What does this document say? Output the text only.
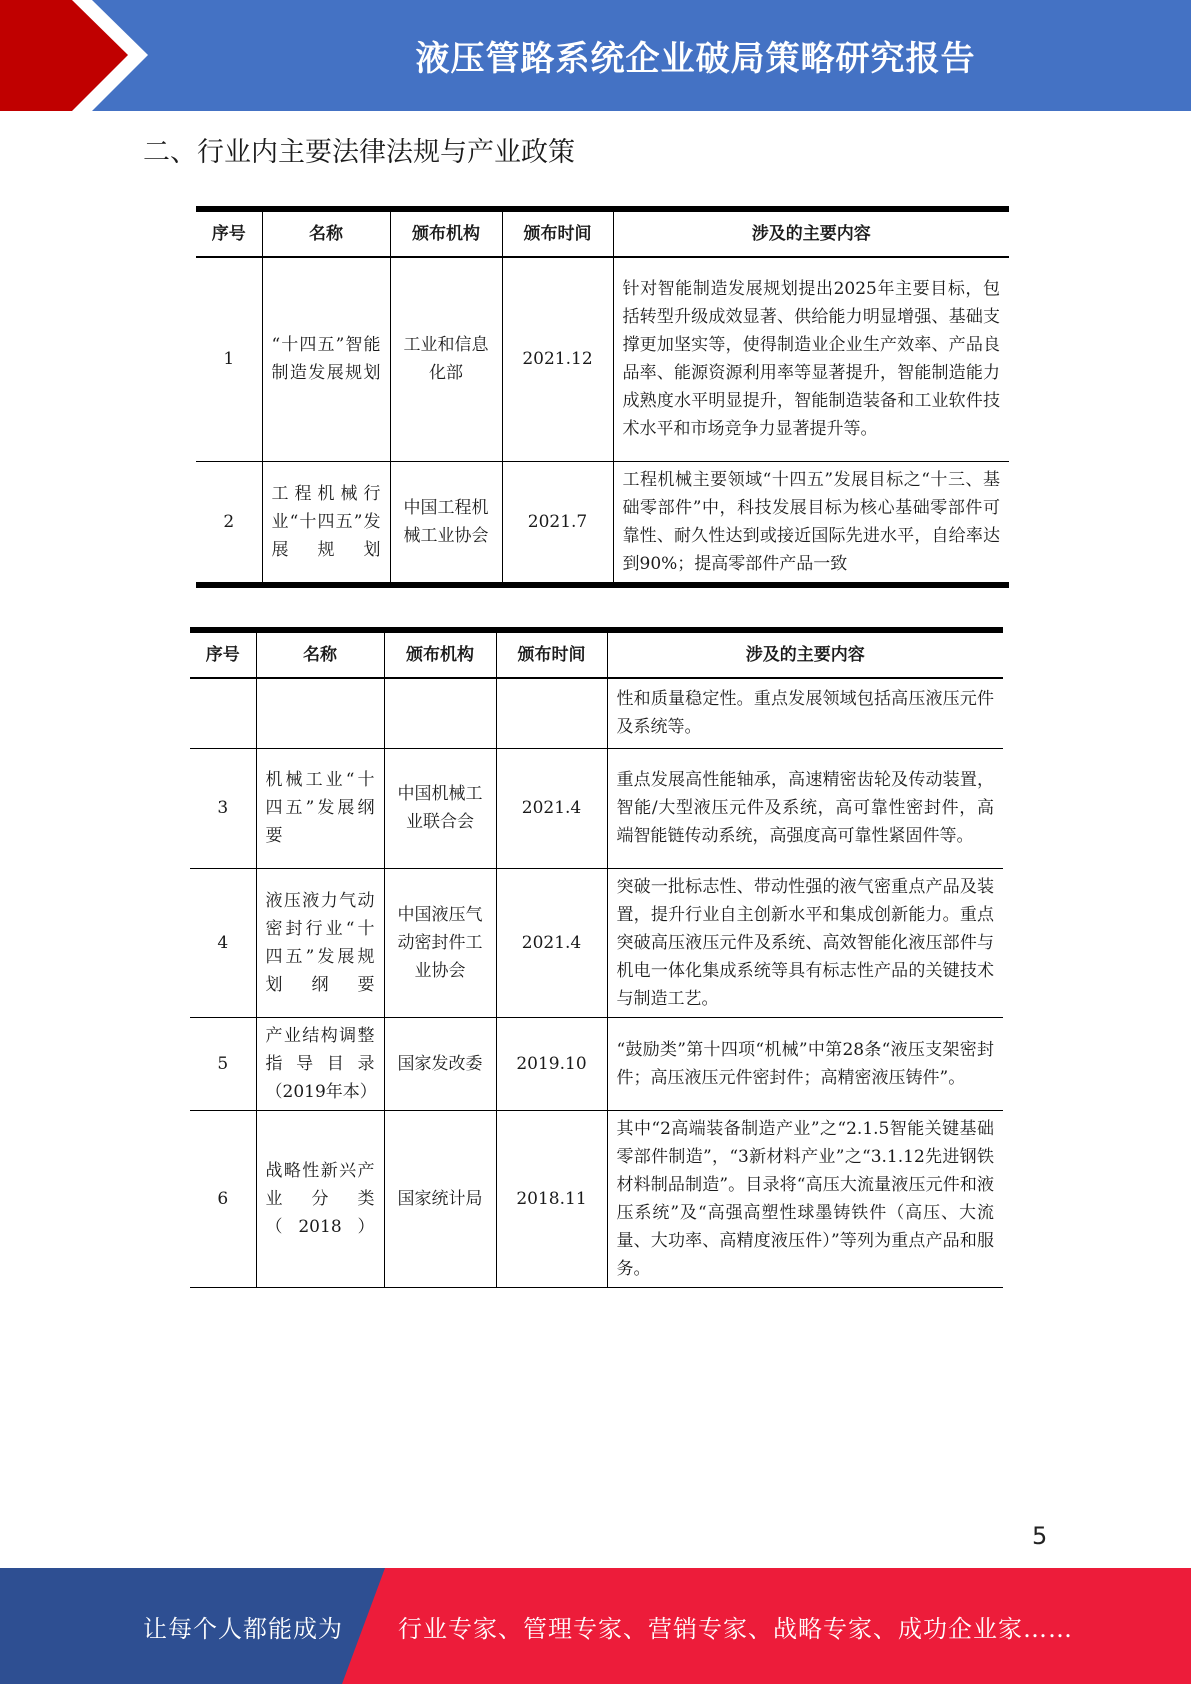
液压管路系统企业破局策略研究报告
二、行业内主要法律法规与产业政策
序号	名称	颁布机构	颁布时间	涉及的主要内容
1	“十四五”智能制造发展规划	工业和信息化部	2021.12	针对智能制造发展规划提出2025年主要目标，包括转型升级成效显著、供给能力明显增强、基础支撑更加坚实等，使得制造业企业生产效率、产品良品率、能源资源利用率等显著提升，智能制造能力成熟度水平明显提升，智能制造装备和工业软件技术水平和市场竞争力显著提升等。
2	工程机械行业“十四五”发展规划	中国工程机械工业协会	2021.7	工程机械主要领域“十四五”发展目标之“十三、基础零部件”中，科技发展目标为核心基础零部件可靠性、耐久性达到或接近国际先进水平，自给率达到90%；提高零部件产品一致
序号	名称	颁布机构	颁布时间	涉及的主要内容
				性和质量稳定性。重点发展领域包括高压液压元件及系统等。
3	机械工业“十四五”发展纲要	中国机械工业联合会	2021.4	重点发展高性能轴承，高速精密齿轮及传动装置，智能/大型液压元件及系统，高可靠性密封件，高端智能链传动系统，高强度高可靠性紧固件等。
4	液压液力气动密封行业“十四五”发展规划纲要	中国液压气动密封件工业协会	2021.4	突破一批标志性、带动性强的液气密重点产品及装置，提升行业自主创新水平和集成创新能力。重点突破高压液压元件及系统、高效智能化液压部件与机电一体化集成系统等具有标志性产品的关键技术与制造工艺。
5	产业结构调整指导目录（2019年本）	国家发改委	2019.10	“鼓励类”第十四项“机械”中第28条“液压支架密封件；高压液压元件密封件；高精密液压铸件”。
6	战略性新兴产业分类（2018）	国家统计局	2018.11	其中“2高端装备制造产业”之“2.1.5智能关键基础零部件制造”，“3新材料产业”之“3.1.12先进钢铁材料制品制造”。目录将“高压大流量液压元件和液压系统”及“高强高塑性球墨铸铁件（高压、大流量、大功率、高精度液压件）”等列为重点产品和服务。
5
让每个人都能成为 行业专家、管理专家、营销专家、战略专家、成功企业家……
